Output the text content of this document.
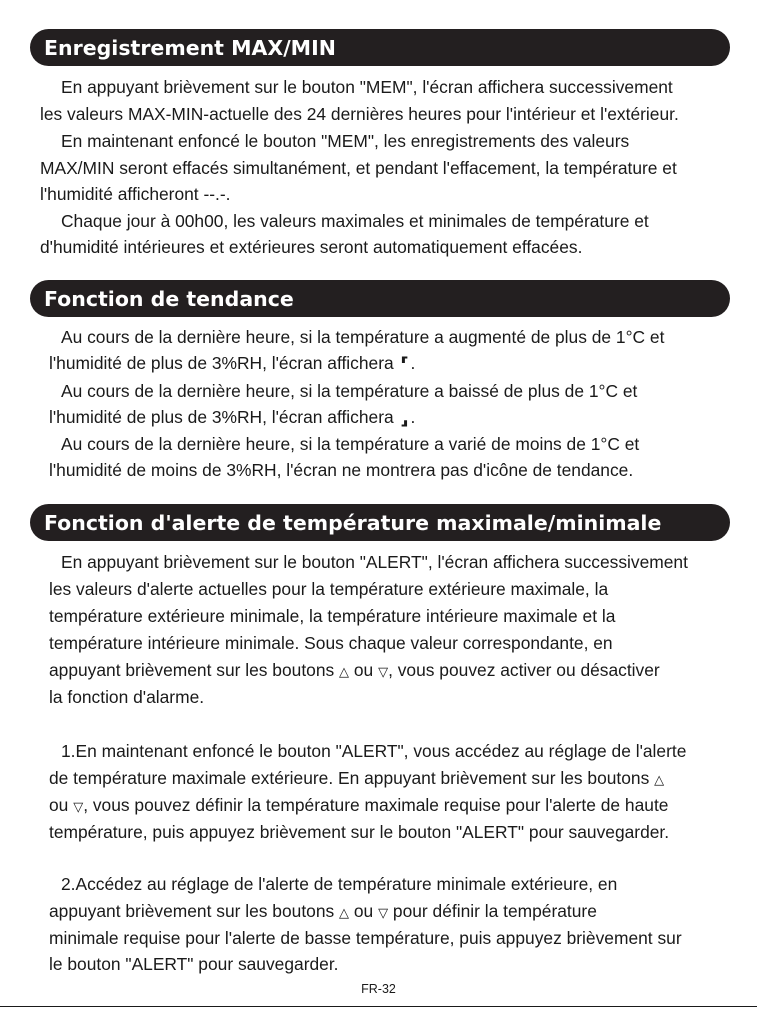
Enregistrement MAX/MIN
En appuyant brièvement sur le bouton "MEM", l'écran affichera successivement
les valeurs MAX-MIN-actuelle des 24 dernières heures pour l'intérieur et l'extérieur.
En maintenant enfoncé le bouton "MEM", les enregistrements des valeurs
MAX/MIN seront effacés simultanément, et pendant l'effacement, la température et
l'humidité afficheront --.-.
Chaque jour à 00h00, les valeurs maximales et minimales de température et
d'humidité intérieures et extérieures seront automatiquement effacées.
Fonction de tendance
Au cours de la dernière heure, si la température a augmenté de plus de 1°C et
l'humidité de plus de 3%RH, l'écran affichera ⸢ .
Au cours de la dernière heure, si la température a baissé de plus de 1°C et
l'humidité de plus de 3%RH, l'écran affichera ⸥ .
Au cours de la dernière heure, si la température a varié de moins de 1°C et
l'humidité de moins de 3%RH, l'écran ne montrera pas d'icône de tendance.
Fonction d'alerte de température maximale/minimale
En appuyant brièvement sur le bouton "ALERT", l'écran affichera successivement
les valeurs d'alerte actuelles pour la température extérieure maximale, la
température extérieure minimale, la température intérieure maximale et la
température intérieure minimale. Sous chaque valeur correspondante, en
appuyant brièvement sur les boutons △ ou ▽, vous pouvez activer ou désactiver
la fonction d'alarme.
1.En maintenant enfoncé le bouton "ALERT", vous accédez au réglage de l'alerte
de température maximale extérieure. En appuyant brièvement sur les boutons △
ou ▽, vous pouvez définir la température maximale requise pour l'alerte de haute
température, puis appuyez brièvement sur le bouton "ALERT" pour sauvegarder.
2.Accédez au réglage de l'alerte de température minimale extérieure, en
appuyant brièvement sur les boutons △ ou ▽ pour définir la température
minimale requise pour l'alerte de basse température, puis appuyez brièvement sur
le bouton "ALERT" pour sauvegarder.
FR-32
